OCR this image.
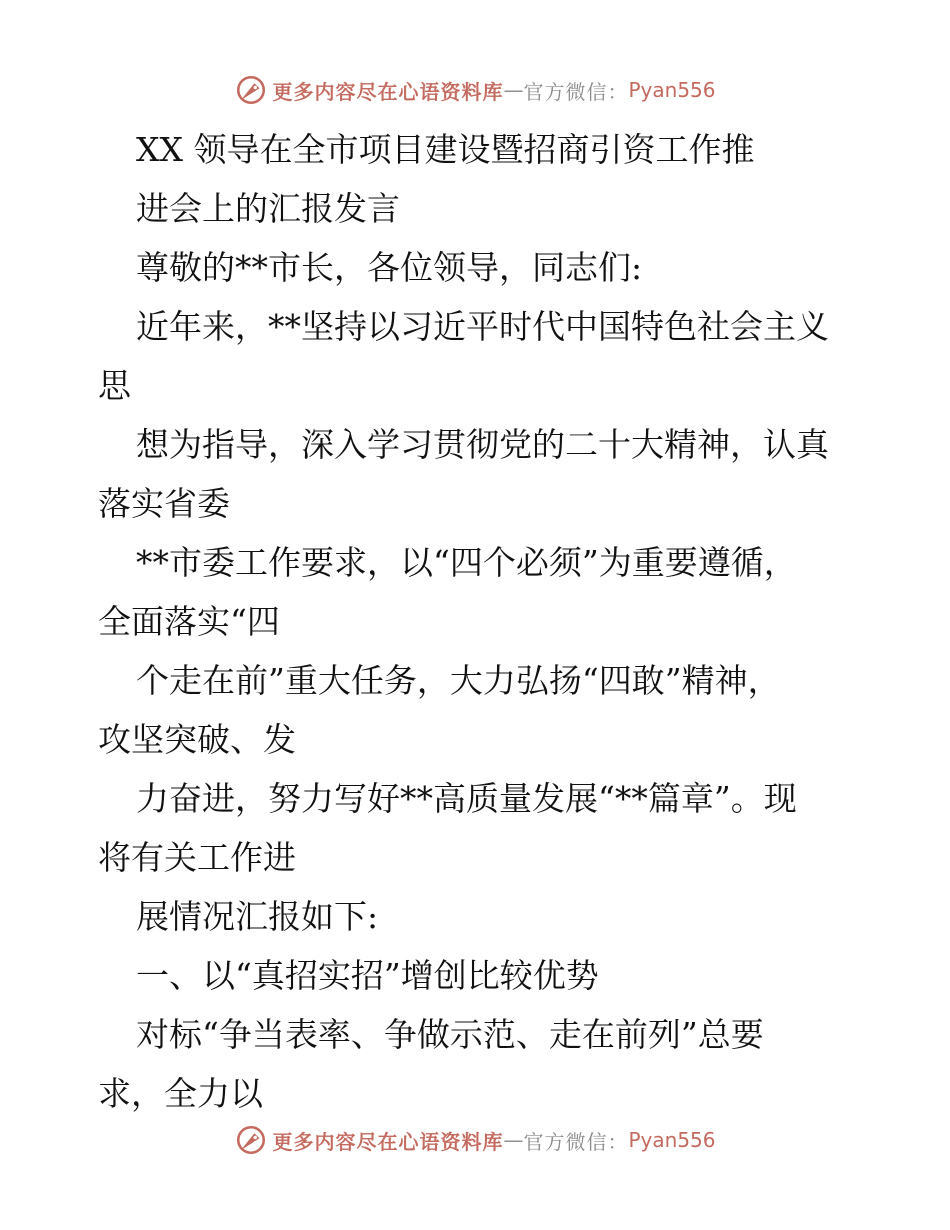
更多内容尽在心语资料库 — 官方微信： Pyan556

XX 领导在全市项目建设暨招商引资工作推

进会上的汇报发言

尊敬的**市长，各位领导，同志们:

近年来，**坚持以习近平时代中国特色社会主义

思

想为指导，深入学习贯彻党的二十大精神，认真

落实省委

**市委工作要求，以“四个必须”为重要遵循，

全面落实“四

个走在前”重大任务，大力弘扬“四敢”精神，

攻坚突破、发

力奋进，努力写好**高质量发展“**篇章”。现

将有关工作进

展情况汇报如下:

一、以“真招实招”增创比较优势

对标“争当表率、争做示范、走在前列”总要

求，全力以

更多内容尽在心语资料库 — 官方微信： Pyan556
